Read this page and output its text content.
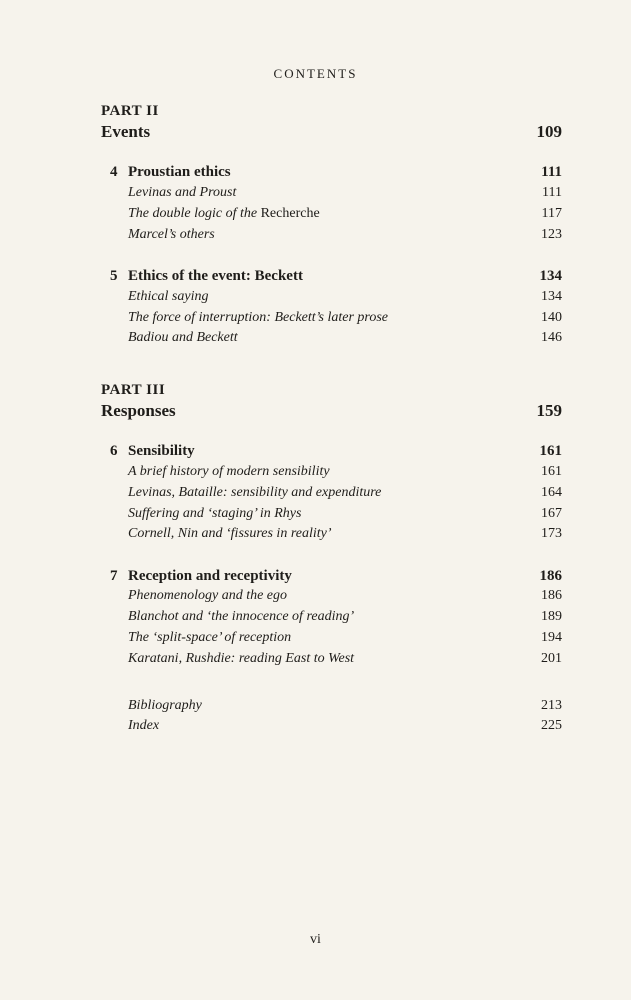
CONTENTS
PART II
Events	109
4 Proustian ethics	111
Levinas and Proust	111
The double logic of the Recherche	117
Marcel’s others	123
5 Ethics of the event: Beckett	134
Ethical saying	134
The force of interruption: Beckett’s later prose	140
Badiou and Beckett	146
PART III
Responses	159
6 Sensibility	161
A brief history of modern sensibility	161
Levinas, Bataille: sensibility and expenditure	164
Suffering and ‘staging’ in Rhys	167
Cornell, Nin and ‘fissures in reality’	173
7 Reception and receptivity	186
Phenomenology and the ego	186
Blanchot and ‘the innocence of reading’	189
The ‘split-space’ of reception	194
Karatani, Rushdie: reading East to West	201
Bibliography	213
Index	225
vi
